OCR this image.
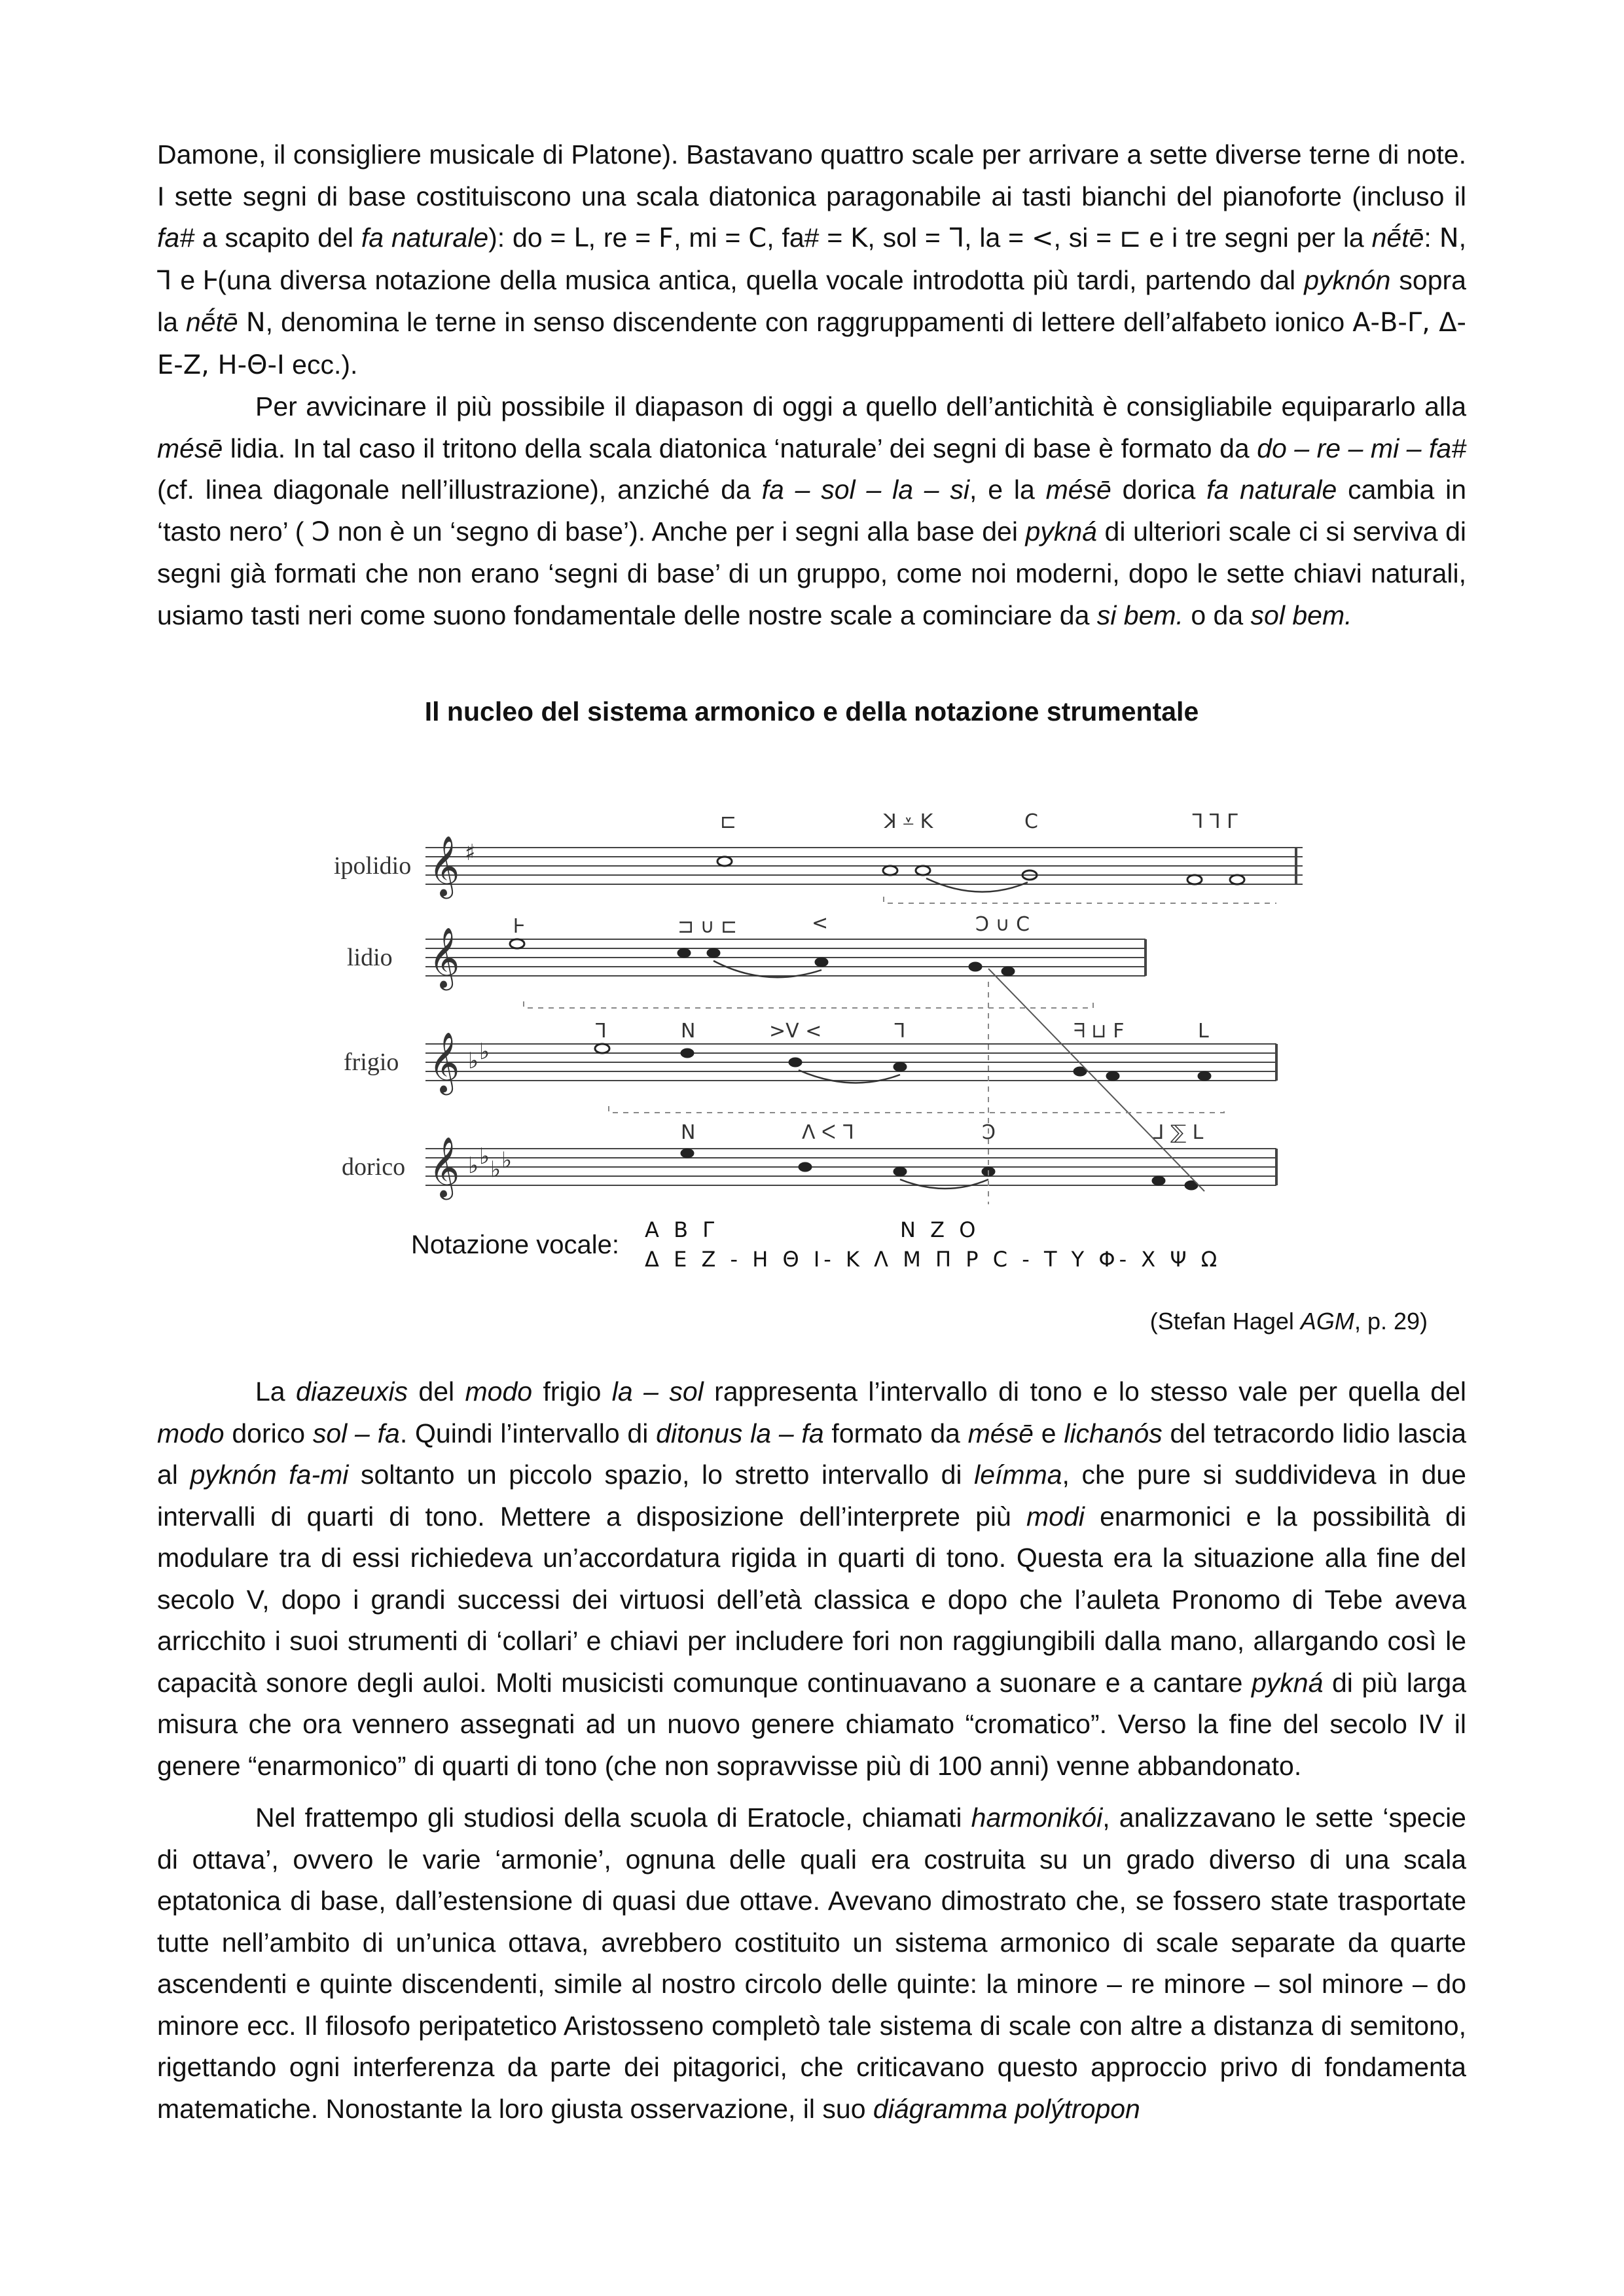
Damone, il consigliere musicale di Platone). Bastavano quattro scale per arrivare a sette diverse terne di note. I sette segni di base costituiscono una scala diatonica paragonabile ai tasti bianchi del pianoforte (incluso il fa# a scapito del fa naturale): do = ᒪ, re = F, mi = C, fa# = K, sol = ᒣ, la = <, si = ⊏ e i tre segni per la nḗtē: N, Ꞁ e Ꮀ(una diversa notazione della musica antica, quella vocale introdotta più tardi, partendo dal pyknón sopra la nḗtē N, denomina le terne in senso discendente con raggruppamenti di lettere dell’alfabeto ionico Α-Β-Γ, Δ-Ε-Ζ, Η-Θ-Ι ecc.).

Per avvicinare il più possibile il diapason di oggi a quello dell’antichità è consigliabile equipararlo alla mésē lidia. In tal caso il tritono della scala diatonica ‘naturale’ dei segni di base è formato da do – re – mi – fa# (cf. linea diagonale nell’illustrazione), anziché da fa – sol – la – si, e la mésē dorica fa naturale cambia in ‘tasto nero’ ( Ↄ non è un ‘segno di base’). Anche per i segni alla base dei pykná di ulteriori scale ci si serviva di segni già formati che non erano ‘segni di base’ di un gruppo, come noi moderni, dopo le sette chiavi naturali, usiamo tasti neri come suono fondamentale delle nostre scale a cominciare da si bem. o da sol bem.

Il nucleo del sistema armonico e della notazione strumentale

ipolidio
lidio
frigio
dorico
𝄞
𝄞
𝄞
𝄞
♯
♭ ♭
♭ ♭ ♭ ♭
⊏	ꓘ ⩡ K	C	ᒣ Ꞁ Γ
Ꮀ	⊐ ∪ ⊏	<	Ↄ ∪ C
Ꞁ	N	>V <	ᒣ	ᖷ ⊔ F	ᒪ
N	ᐱ ᐸ ᒣ	Ↄ	ᒧ ⅀ ᒪ
Notazione vocale:
Α Β Γ	Ν Ζ Ο
Δ Ε Ζ - Η Θ Ι- Κ Λ Μ Π Ρ C - Τ Υ Φ- Χ Ψ Ω
(Stefan Hagel AGM, p. 29)

La diazeuxis del modo frigio la – sol rappresenta l’intervallo di tono e lo stesso vale per quella del modo dorico sol – fa. Quindi l’intervallo di ditonus la – fa formato da mésē e lichanós del tetracordo lidio lascia al pyknón fa-mi soltanto un piccolo spazio, lo stretto intervallo di leímma, che pure si suddivideva in due intervalli di quarti di tono. Mettere a disposizione dell’interprete più modi enarmonici e la possibilità di modulare tra di essi richiedeva un’accordatura rigida in quarti di tono. Questa era la situazione alla fine del secolo V, dopo i grandi successi dei virtuosi dell’età classica e dopo che l’auleta Pronomo di Tebe aveva arricchito i suoi strumenti di ‘collari’ e chiavi per includere fori non raggiungibili dalla mano, allargando così le capacità sonore degli auloi. Molti musicisti comunque continuavano a suonare e a cantare pykná di più larga misura che ora vennero assegnati ad un nuovo genere chiamato “cromatico”. Verso la fine del secolo IV il genere “enarmonico” di quarti di tono (che non sopravvisse più di 100 anni) venne abbandonato.

Nel frattempo gli studiosi della scuola di Eratocle, chiamati harmonikói, analizzavano le sette ‘specie di ottava’, ovvero le varie ‘armonie’, ognuna delle quali era costruita su un grado diverso di una scala eptatonica di base, dall’estensione di quasi due ottave. Avevano dimostrato che, se fossero state trasportate tutte nell’ambito di un’unica ottava, avrebbero costituito un sistema armonico di scale separate da quarte ascendenti e quinte discendenti, simile al nostro circolo delle quinte: la minore – re minore – sol minore – do minore ecc. Il filosofo peripatetico Aristosseno completò tale sistema di scale con altre a distanza di semitono, rigettando ogni interferenza da parte dei pitagorici, che criticavano questo approccio privo di fondamenta matematiche. Nonostante la loro giusta osservazione, il suo diágramma polýtropon
